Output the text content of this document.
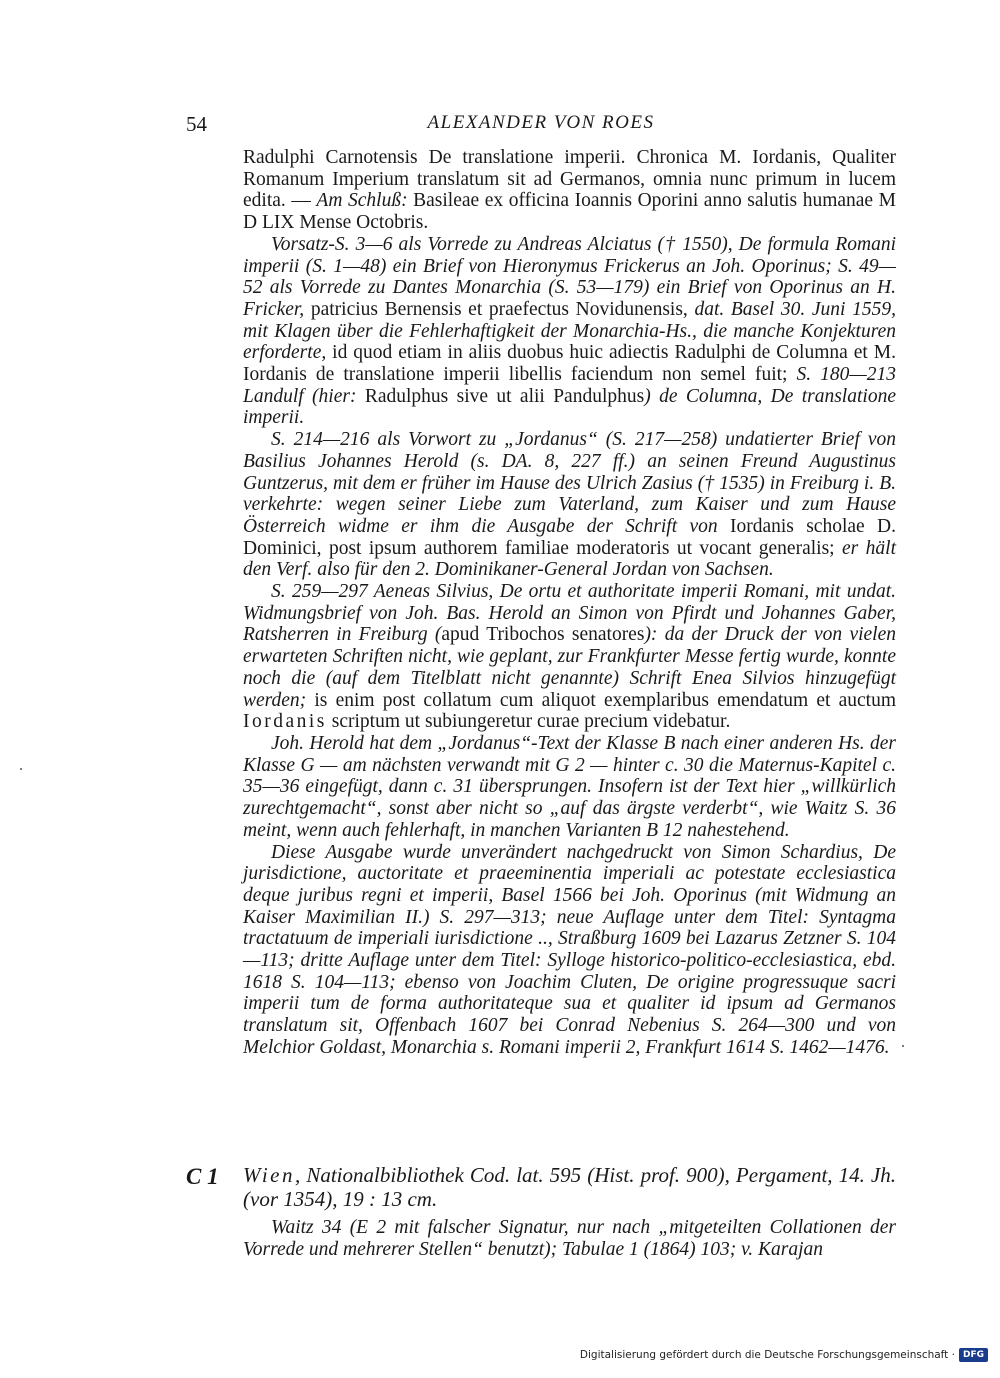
54	ALEXANDER VON ROES

Radulphi Carnotensis De translatione imperii. Chronica M. Iordanis, Qualiter Romanum Imperium translatum sit ad Germanos, omnia nunc primum in lucem edita. — Am Schluß: Basileae ex officina Ioannis Oporini anno salutis humanae M D LIX Mense Octobris.

Vorsatz-S. 3—6 als Vorrede zu Andreas Alciatus († 1550), De formula Romani imperii (S. 1—48) ein Brief von Hieronymus Frickerus an Joh. Oporinus; S. 49—52 als Vorrede zu Dantes Monarchia (S. 53—179) ein Brief von Oporinus an H. Fricker, patricius Bernensis et praefectus Novidunensis, dat. Basel 30. Juni 1559, mit Klagen über die Fehlerhaftigkeit der Monarchia-Hs., die manche Konjekturen erforderte, id quod etiam in aliis duobus huic adiectis Radulphi de Columna et M. Iordanis de translatione imperii libellis faciendum non semel fuit; S. 180—213 Landulf (hier: Radulphus sive ut alii Pandulphus) de Columna, De translatione imperii.

S. 214—216 als Vorwort zu „Jordanus“ (S. 217—258) undatierter Brief von Basilius Johannes Herold (s. DA. 8, 227 ff.) an seinen Freund Augustinus Guntzerus, mit dem er früher im Hause des Ulrich Zasius († 1535) in Freiburg i. B. verkehrte: wegen seiner Liebe zum Vaterland, zum Kaiser und zum Hause Österreich widme er ihm die Ausgabe der Schrift von Iordanis scholae D. Dominici, post ipsum authorem familiae moderatoris ut vocant generalis; er hält den Verf. also für den 2. Dominikaner-General Jordan von Sachsen.

S. 259—297 Aeneas Silvius, De ortu et authoritate imperii Romani, mit undat. Widmungsbrief von Joh. Bas. Herold an Simon von Pfirdt und Johannes Gaber, Ratsherren in Freiburg (apud Tribochos senatores): da der Druck der von vielen erwarteten Schriften nicht, wie geplant, zur Frankfurter Messe fertig wurde, konnte noch die (auf dem Titelblatt nicht genannte) Schrift Enea Silvios hinzugefügt werden; is enim post collatum cum aliquot exemplaribus emendatum et auctum Iordanis scriptum ut subiungeretur curae precium videbatur.

Joh. Herold hat dem „Jordanus“-Text der Klasse B nach einer anderen Hs. der Klasse G — am nächsten verwandt mit G 2 — hinter c. 30 die Maternus-Kapitel c. 35—36 eingefügt, dann c. 31 übersprungen. Insofern ist der Text hier „willkürlich zurechtgemacht“, sonst aber nicht so „auf das ärgste verderbt“, wie Waitz S. 36 meint, wenn auch fehlerhaft, in manchen Varianten B 12 nahestehend.

Diese Ausgabe wurde unverändert nachgedruckt von Simon Schardius, De jurisdictione, auctoritate et praeeminentia imperiali ac potestate ecclesiastica deque juribus regni et imperii, Basel 1566 bei Joh. Oporinus (mit Widmung an Kaiser Maximilian II.) S. 297—313; neue Auflage unter dem Titel: Syntagma tractatuum de imperiali iurisdictione .., Straßburg 1609 bei Lazarus Zetzner S. 104—113; dritte Auflage unter dem Titel: Sylloge historico-politico-ecclesiastica, ebd. 1618 S. 104—113; ebenso von Joachim Cluten, De origine progressuque sacri imperii tum de forma authoritateque sua et qualiter id ipsum ad Germanos translatum sit, Offenbach 1607 bei Conrad Nebenius S. 264—300 und von Melchior Goldast, Monarchia s. Romani imperii 2, Frankfurt 1614 S. 1462—1476.

C 1 Wien, Nationalbibliothek Cod. lat. 595 (Hist. prof. 900), Pergament, 14. Jh. (vor 1354), 19 : 13 cm.

Waitz 34 (E 2 mit falscher Signatur, nur nach „mitgeteilten Collationen der Vorrede und mehrerer Stellen“ benutzt); Tabulae 1 (1864) 103; v. Karajan

Digitalisierung gefördert durch die Deutsche Forschungsgemeinschaft · DFG
